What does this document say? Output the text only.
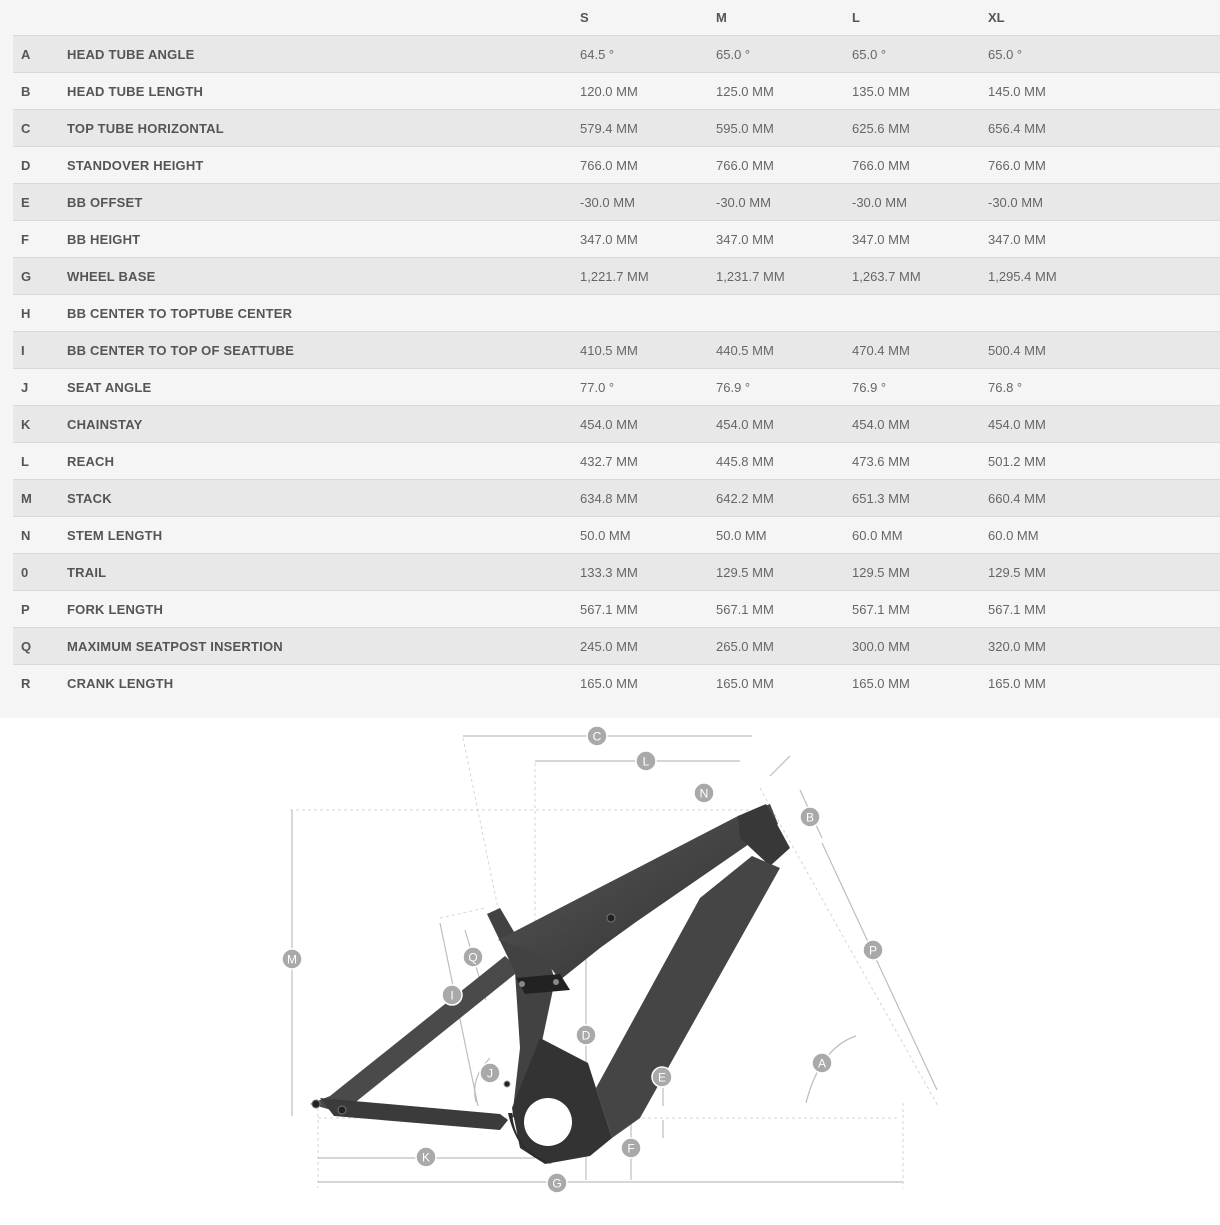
		S	M	L	XL
A	HEAD TUBE ANGLE	64.5 °	65.0 °	65.0 °	65.0 °
B	HEAD TUBE LENGTH	120.0 MM	125.0 MM	135.0 MM	145.0 MM
C	TOP TUBE HORIZONTAL	579.4 MM	595.0 MM	625.6 MM	656.4 MM
D	STANDOVER HEIGHT	766.0 MM	766.0 MM	766.0 MM	766.0 MM
E	BB OFFSET	-30.0 MM	-30.0 MM	-30.0 MM	-30.0 MM
F	BB HEIGHT	347.0 MM	347.0 MM	347.0 MM	347.0 MM
G	WHEEL BASE	1,221.7 MM	1,231.7 MM	1,263.7 MM	1,295.4 MM
H	BB CENTER TO TOPTUBE CENTER				
I	BB CENTER TO TOP OF SEATTUBE	410.5 MM	440.5 MM	470.4 MM	500.4 MM
J	SEAT ANGLE	77.0 °	76.9 °	76.9 °	76.8 °
K	CHAINSTAY	454.0 MM	454.0 MM	454.0 MM	454.0 MM
L	REACH	432.7 MM	445.8 MM	473.6 MM	501.2 MM
M	STACK	634.8 MM	642.2 MM	651.3 MM	660.4 MM
N	STEM LENGTH	50.0 MM	50.0 MM	60.0 MM	60.0 MM
0	TRAIL	133.3 MM	129.5 MM	129.5 MM	129.5 MM
P	FORK LENGTH	567.1 MM	567.1 MM	567.1 MM	567.1 MM
Q	MAXIMUM SEATPOST INSERTION	245.0 MM	265.0 MM	300.0 MM	320.0 MM
R	CRANK LENGTH	165.0 MM	165.0 MM	165.0 MM	165.0 MM
A
B
C
D
E
F
G
I
J
K
L
M
N
P
Q
